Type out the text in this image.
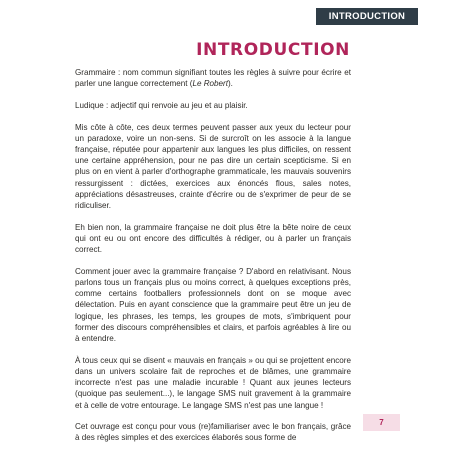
INTRODUCTION
INTRODUCTION

Grammaire : nom commun signifiant toutes les règles à suivre pour écrire et parler une langue correctement (Le Robert).

Ludique : adjectif qui renvoie au jeu et au plaisir.

Mis côte à côte, ces deux termes peuvent passer aux yeux du lecteur pour un paradoxe, voire un non-sens. Si de surcroît on les associe à la langue française, réputée pour appartenir aux langues les plus difficiles, on ressent une certaine appréhension, pour ne pas dire un certain scepticisme. Si en plus on en vient à parler d'orthographe grammaticale, les mauvais souvenirs ressurgissent : dictées, exercices aux énoncés flous, sales notes, appréciations désastreuses, crainte d'écrire ou de s'exprimer de peur de se ridiculiser.

Eh bien non, la grammaire française ne doit plus être la bête noire de ceux qui ont eu ou ont encore des difficultés à rédiger, ou à parler un français correct.

Comment jouer avec la grammaire française ? D'abord en relativisant. Nous parlons tous un français plus ou moins correct, à quelques exceptions près, comme certains footballers professionnels dont on se moque avec délectation. Puis en ayant conscience que la grammaire peut être un jeu de logique, les phrases, les temps, les groupes de mots, s'imbriquent pour former des discours compréhensibles et clairs, et parfois agréables à lire ou à entendre.

À tous ceux qui se disent « mauvais en français » ou qui se projettent encore dans un univers scolaire fait de reproches et de blâmes, une grammaire incorrecte n'est pas une maladie incurable ! Quant aux jeunes lecteurs (quoique pas seulement...), le langage SMS nuit gravement à la grammaire et à celle de votre entourage. Le langage SMS n'est pas une langue !

Cet ouvrage est conçu pour vous (re)familiariser avec le bon français, grâce à des règles simples et des exercices élaborés sous forme de

7
